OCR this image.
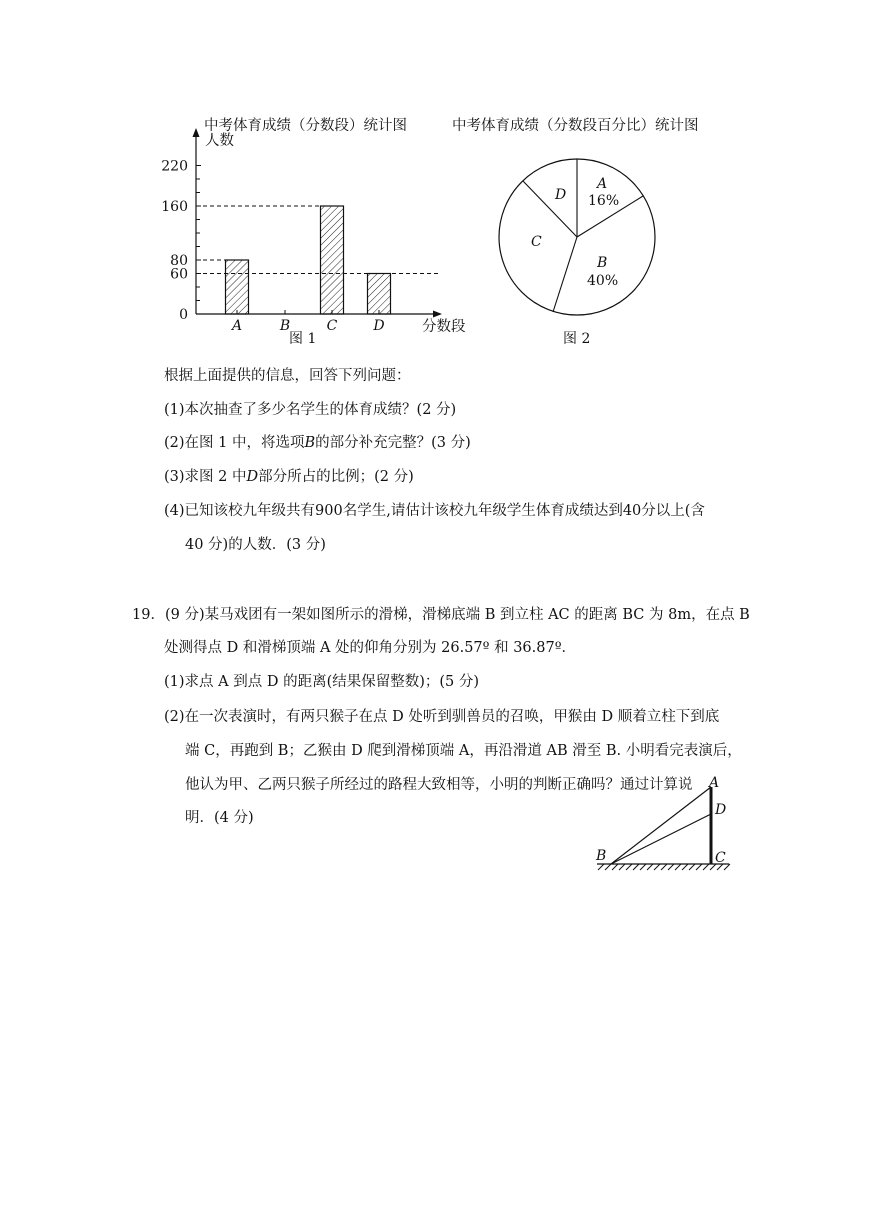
中考体育成绩（分数段）统计图	中考体育成绩（分数段百分比）统计图
人数
分数段
0
60
80
160
220
A	B	C	D
图 1
A
16%
D
C
B
40%
图 2
A
D
B	C
根据上面提供的信息，回答下列问题：
(1)本次抽查了多少名学生的体育成绩？(2 分)
(2)在图 1 中，将选项B的部分补充完整？(3 分)
(3)求图 2 中D部分所占的比例；(2 分)
(4)已知该校九年级共有900名学生,请估计该校九年级学生体育成绩达到40分以上(含
40 分)的人数．(3 分)
19．(9 分)某马戏团有一架如图所示的滑梯，滑梯底端 B 到立柱 AC 的距离 BC 为 8m，在点 B
处测得点 D 和滑梯顶端 A 处的仰角分别为 26.57º 和 36.87º．
(1)求点 A 到点 D 的距离(结果保留整数)；(5 分)
(2)在一次表演时，有两只猴子在点 D 处听到驯兽员的召唤，甲猴由 D 顺着立柱下到底
端 C，再跑到 B；乙猴由 D 爬到滑梯顶端 A，再沿滑道 AB 滑至 B. 小明看完表演后，
他认为甲、乙两只猴子所经过的路程大致相等，小明的判断正确吗？通过计算说
明．(4 分)
